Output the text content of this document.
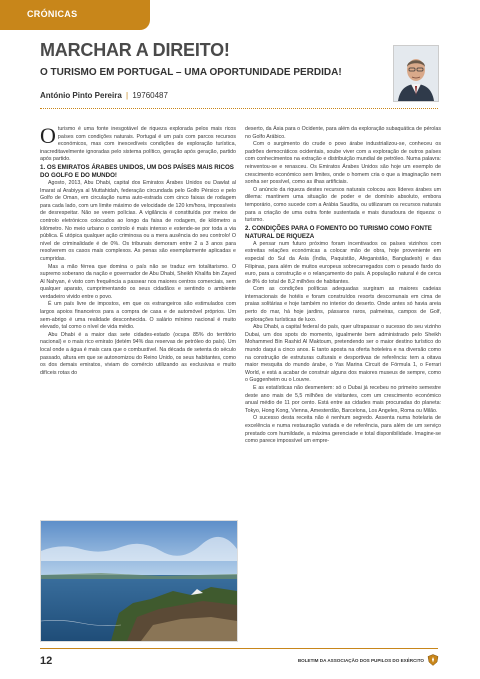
CRÓNICAS
MARCHAR A DIREITO!
O TURISMO EM PORTUGAL – UMA OPORTUNIDADE PERDIDA!
António Pinto Pereira | 19760487

Oturismo é uma fonte inesgotável de riqueza explorada pelos mais ricos países com condições naturais. Portugal é um país com parcos recursos económicos, mas com inexcedíveis condições de exploração turística, inacreditavelmente ignoradas pelo sistema político, geração após geração, partido após partido.

1. OS EMIRATOS ÁRABES UNIDOS, UM DOS PAÍSES MAIS RICOS DO GOLFO E DO MUNDO!

Agosto, 2013, Abu Dhabi, capital dos Emiratos Árabes Unidos ou Dawlat al Imarat al Arabiyya al Muttahidah, federação circundada pelo Golfo Pérsico e pelo Golfo de Oman, em circulação numa auto-estrada com cinco faixas de rodagem para cada lado, com um limite máximo de velocidade de 120 km/hora, impossíveis de desrespeitar. Não se veem polícias. A vigilância é constituída por meios de controlo eletrónicos colocados ao longo da faixa de rodagem, de kilómetro a kilómetro. No meio urbano o controlo é mais intenso e estende-se por toda a via pública. É utópica qualquer ação criminosa ou a mera ausência do seu controlo! O nível de criminalidade é de 0%. Os tribunais demoram entre 2 a 3 anos para resolverem os casos mais complexos. As penas são exemplarmente aplicadas e cumpridas.

Mas a mão férrea que domina o país não se traduz em totalitarismo. O supremo soberano da nação e governador de Abu Dhabi, Sheikh Khalifa bin Zayed Al Nahyan, é visto com frequência a passear nos maiores centros comerciais, sem qualquer aparato, cumprimentando os seus cidadãos e sentindo o ambiente verdadeiro vivido entre o povo.

É um país livre de impostos, em que os estrangeiros são estimulados com largos apoios financeiros para a compra de casa e de automóvel próprios. Um sem-abrigo é uma realidade desconhecida. O salário mínimo nacional é muito elevado, tal como o nível de vida médio.

Abu Dhabi é a maior das sete cidades-estado (ocupa 85% do território nacional) e o mais rico emirato (detém 94% das reservas de petróleo do país). Um local onde a água é mais cara que o combustível. Na década de setenta do século passado, altura em que se autonomizou do Reino Unido, os seus habitantes, como os dos demais emiratos, viviam do comércio utilizando as exclusivas e muito difíceis rotas do

deserto, da Ásia para o Ocidente, para além da exploração subaquática de pérolas no Golfo Arábico.

Com o surgimento do crude o povo árabe industrializou-se, conheceu os padrões democráticos ocidentais, soube viver com a exploração de outros países com conhecimentos na extração e distribuição mundial de petróleo. Numa palavra: reinventou-se e renasceu. Os Emiratos Árabes Unidos são hoje um exemplo de crescimento económico sem limites, onde o homem cria o que a imaginação nem sonha ser possível, como as ilhas artificiais.

O anúncio da riqueza destes recursos naturais colocou aos líderes árabes um dilema: mantinem uma situação de poder e de domínio absoluto, embora temporário, como sucede com a Arábia Saudita, ou utilizaram os recursos naturais para a criação de uma outra fonte sustentada e mais duradoura de riqueza: o turismo.

2. CONDIÇÕES PARA O FOMENTO DO TURISMO COMO FONTE NATURAL DE RIQUEZA

A pensar num futuro próximo foram incentivados os países vizinhos com estreitas relações económicas a colocar mão de obra, hoje proveniente em especial do Sul da Ásia (Índia, Paquistão, Afeganistão, Bangladesh) e das Filipinas, para além de muitos europeus sobrecarregados com o pesado fardo do euro, para a construção e o relançamento do país. A população natural é de cerca de 8% do total de 8,2 milhões de habitantes.

Com as condições políticas adequadas surgiram as maiores cadeias internacionais de hotéis e foram construídos resorts descomunais em cima de praias solitárias e hoje também no interior do deserto. Onde antes só havia areia perto do mar, há hoje jardins, pássaros raros, palmeiras, campos de Golf, explorações turísticas de luxo.

Abu Dhabi, a capital federal do país, quer ultrapassar o sucesso do seu vizinho Dubai, um dos spots do momento, igualmente bem administrado pelo Sheikh Mohammed Bin Rashid Al Maktoum, pretendendo ser o maior destino turístico do mundo daqui a cinco anos. E tanto aposta na oferta hoteleira e na diversão como na construção de estruturas culturais e desportivas de referência: tem a oitava maior mesquita do mundo árabe, o Yas Marina Circuit de Fórmula 1, o Ferrari World, e está a acabar de construir alguns dos maiores museus de sempre, como o Guggenheim ou o Louvre.

E as estatísticas não desmentem: só o Dubai já recebeu no primeiro semestre deste ano mais de 5,5 milhões de visitantes, com um crescimento económico anual médio de 11 por cento. Está entre as cidades mais procuradas do planeta: Tokyo, Hong Kong, Vienna, Amesterdão, Barcelona, Los Angeles, Roma ou Milão.

O sucesso desta receita não é nenhum segredo. Assenta numa hotelaria de excelência e numa restauração variada e de referência, para além de um serviço prestado com humildade, a máxima gerenciade e total disponibilidade. Imagine-se como parece impossível um empre-

12	BOLETIM DA ASSOCIAÇÃO DOS PUPILOS DO EXÉRCITO
